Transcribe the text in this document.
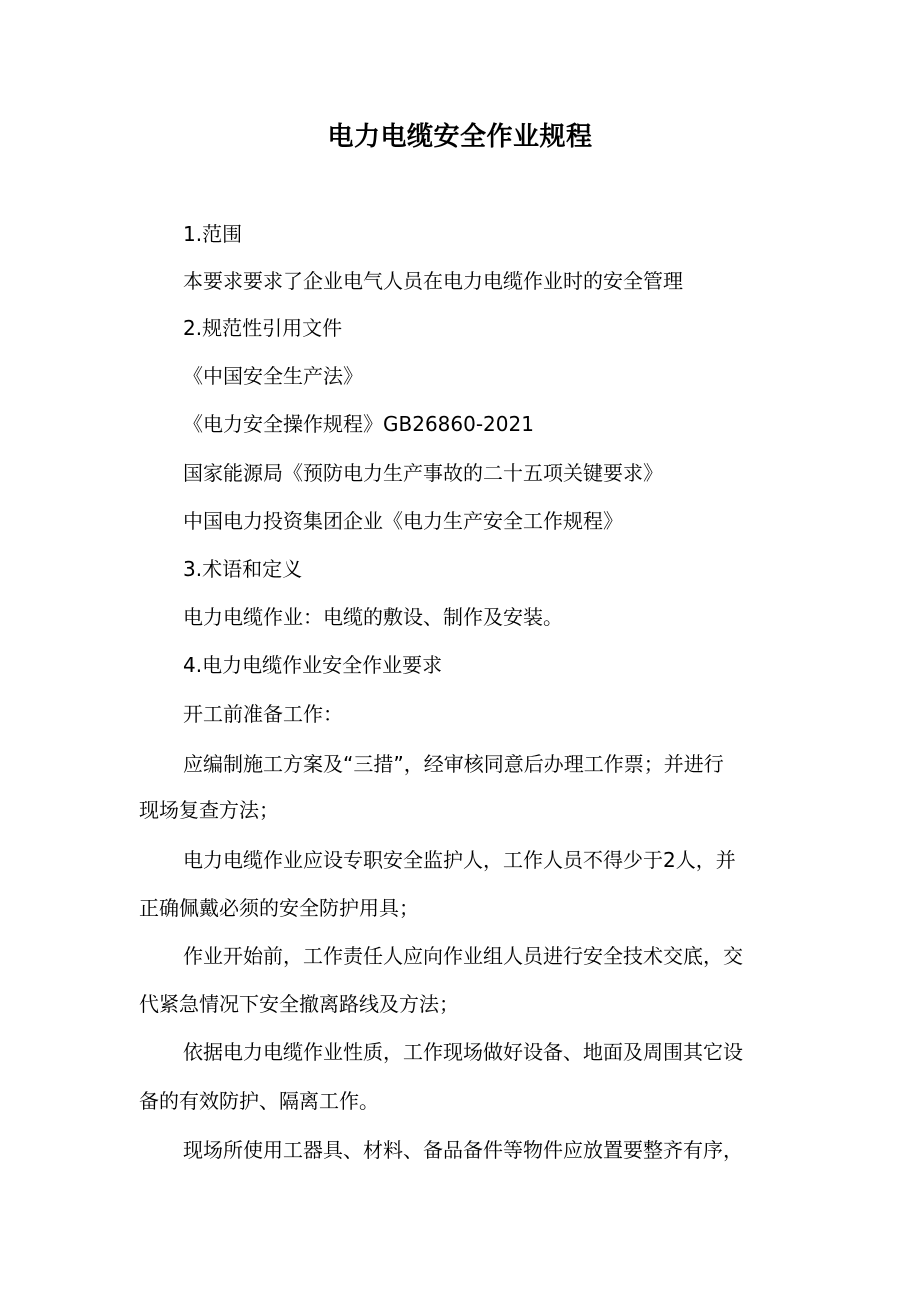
电力电缆安全作业规程
1.范围
本要求要求了企业电气人员在电力电缆作业时的安全管理
2.规范性引用文件
《中国安全生产法》
《电力安全操作规程》GB26860-2021
国家能源局《预防电力生产事故的二十五项关键要求》
中国电力投资集团企业《电力生产安全工作规程》
3.术语和定义
电力电缆作业：电缆的敷设、制作及安装。
4.电力电缆作业安全作业要求
开工前准备工作：
应编制施工方案及“三措”，经审核同意后办理工作票；并进行
现场复查方法；
电力电缆作业应设专职安全监护人，工作人员不得少于2人，并
正确佩戴必须的安全防护用具；
作业开始前，工作责任人应向作业组人员进行安全技术交底，交
代紧急情况下安全撤离路线及方法；
依据电力电缆作业性质，工作现场做好设备、地面及周围其它设
备的有效防护、隔离工作。
现场所使用工器具、材料、备品备件等物件应放置要整齐有序，
